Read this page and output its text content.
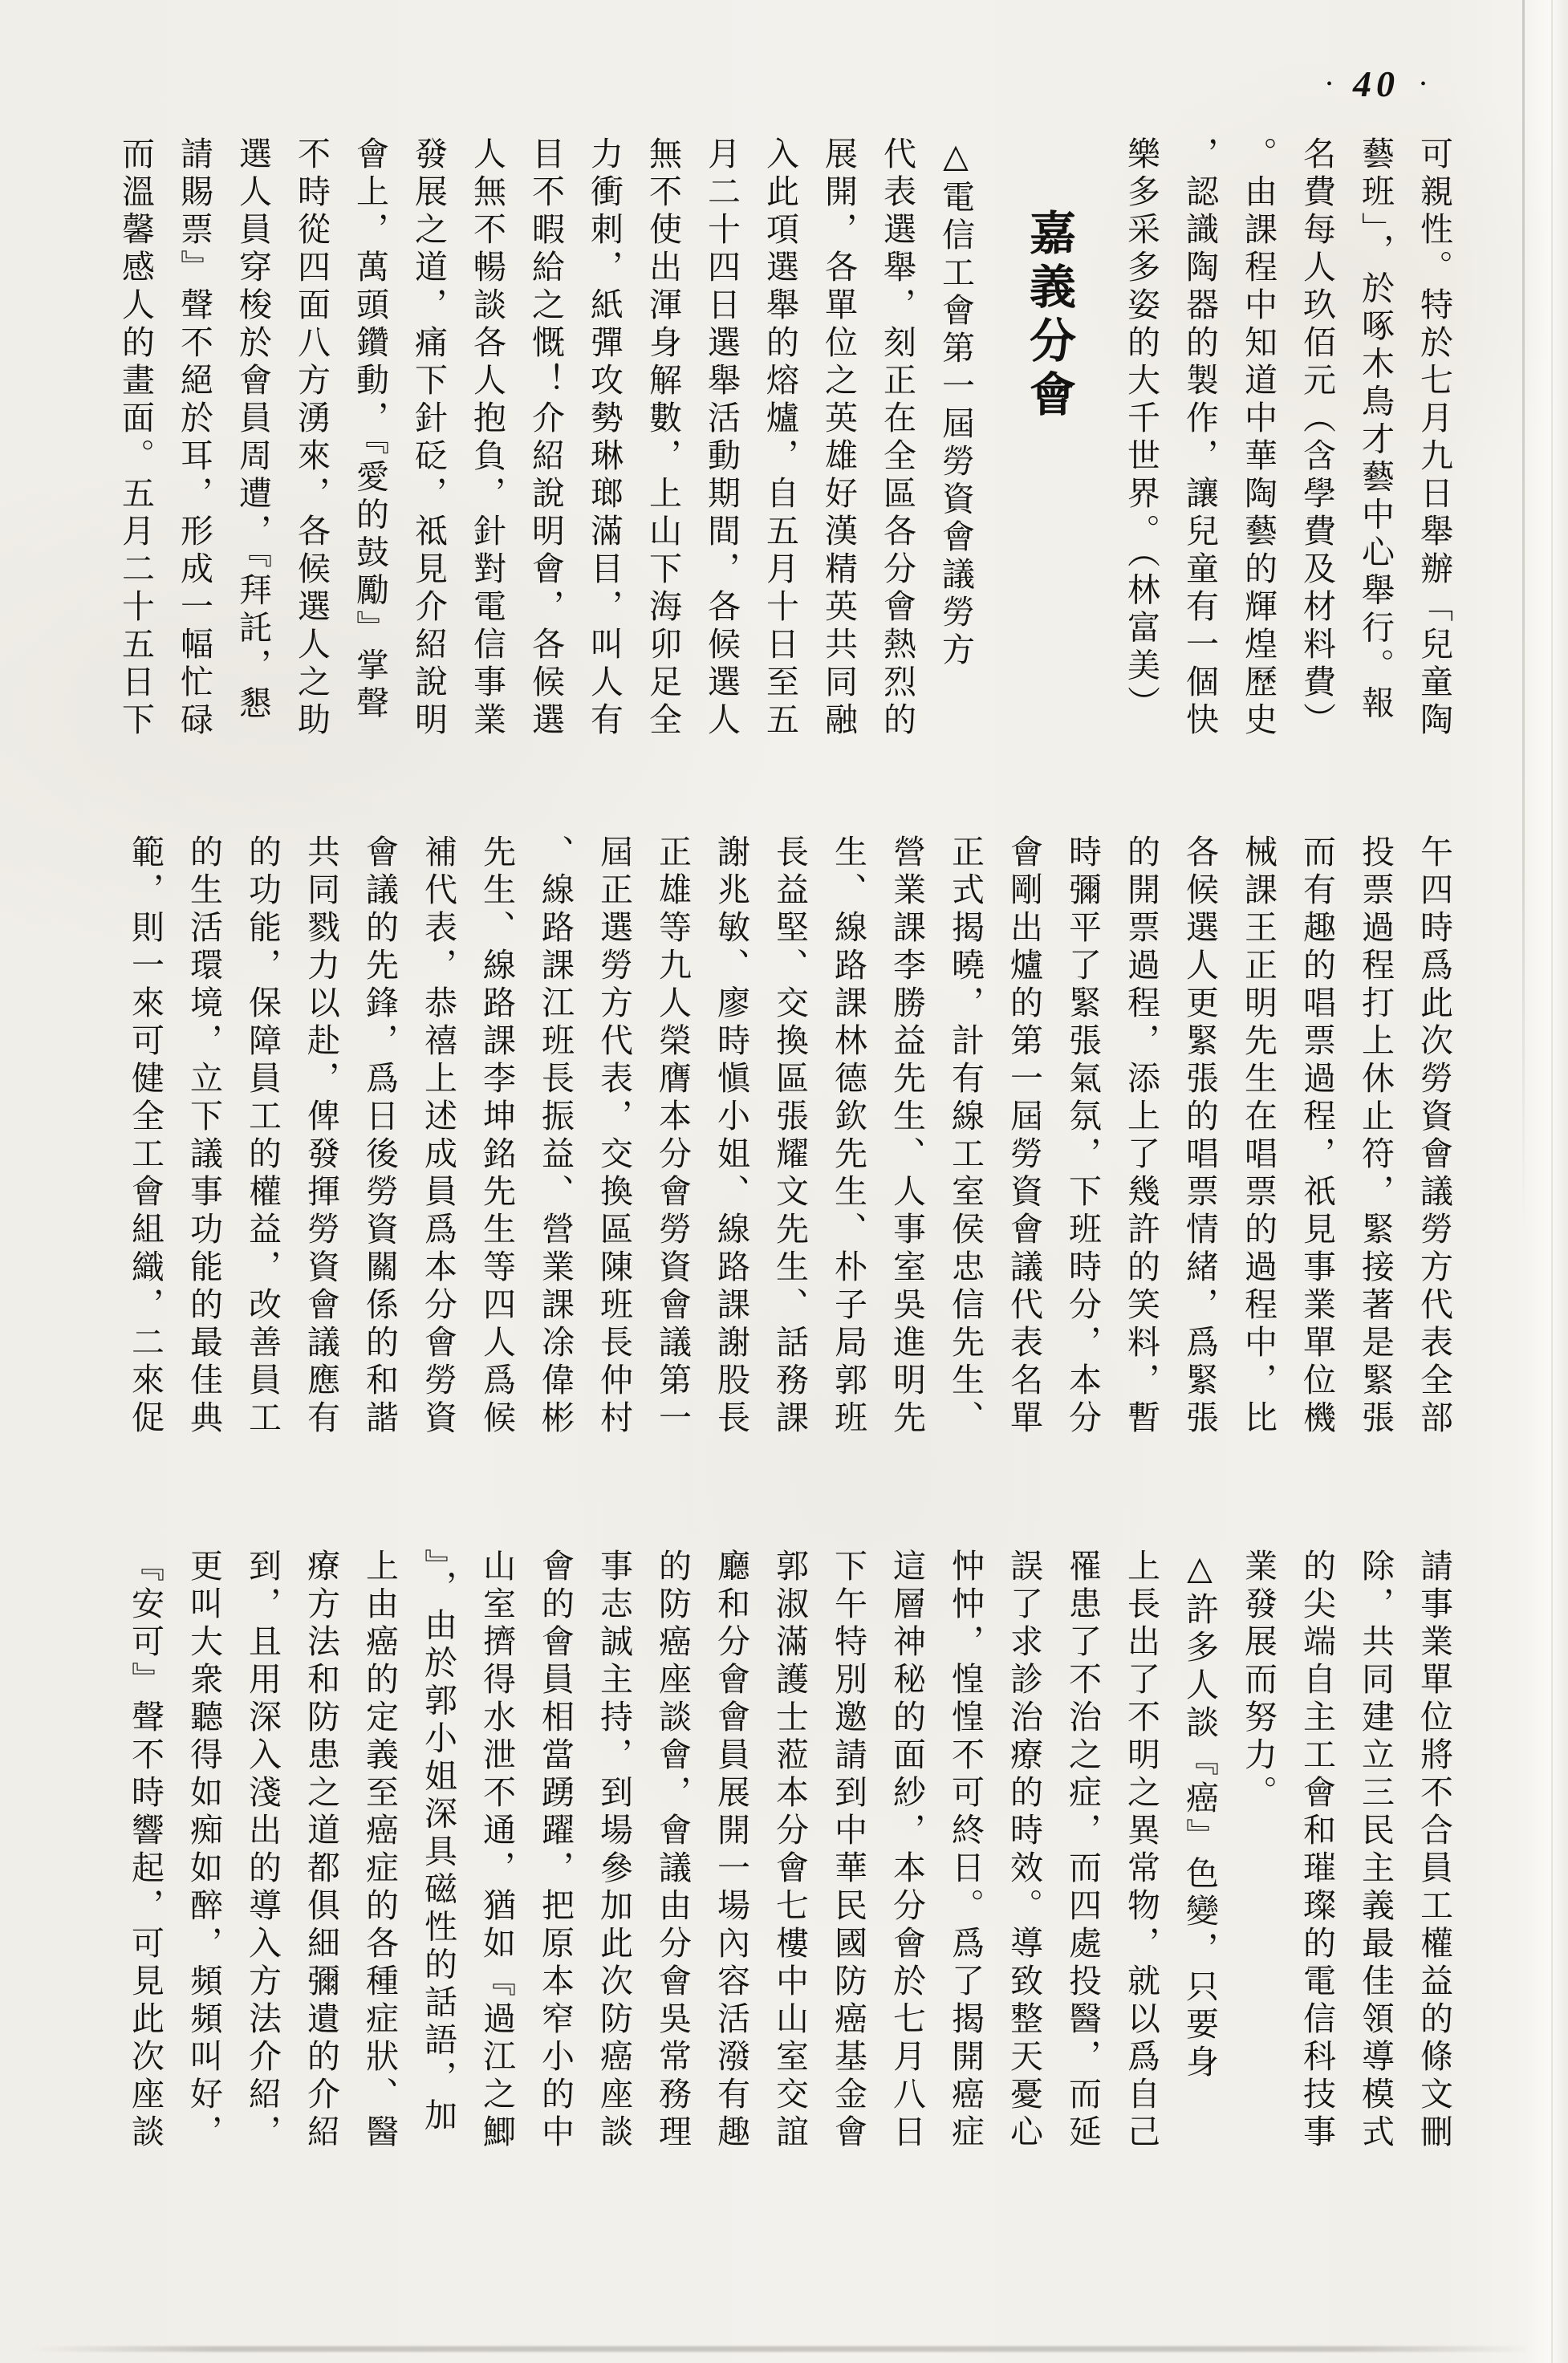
• 40 •
可親性。特於七月九日舉辦「兒童陶
藝班」，於啄木鳥才藝中心舉行。報
名費每人玖佰元（含學費及材料費）
。由課程中知道中華陶藝的輝煌歷史
，認識陶器的製作，讓兒童有一個快
樂多采多姿的大千世界。（林富美）
嘉義分會
△電信工會第一屆勞資會議勞方
代表選舉，刻正在全區各分會熱烈的
展開，各單位之英雄好漢精英共同融
入此項選舉的熔爐，自五月十日至五
月二十四日選舉活動期間，各候選人
無不使出渾身解數，上山下海卯足全
力衝刺，紙彈攻勢琳瑯滿目，叫人有
目不暇給之慨！介紹說明會，各候選
人無不暢談各人抱負，針對電信事業
發展之道，痛下針砭，祗見介紹說明
會上，萬頭鑽動，『愛的鼓勵』掌聲
不時從四面八方湧來，各候選人之助
選人員穿梭於會員周遭，『拜託，懇
請賜票』聲不絕於耳，形成一幅忙碌
而溫馨感人的畫面。五月二十五日下
午四時爲此次勞資會議勞方代表全部
投票過程打上休止符，緊接著是緊張
而有趣的唱票過程，祇見事業單位機
械課王正明先生在唱票的過程中，比
各候選人更緊張的唱票情緒，爲緊張
的開票過程，添上了幾許的笑料，暫
時彌平了緊張氣氛，下班時分，本分
會剛出爐的第一屆勞資會議代表名單
正式揭曉，計有線工室侯忠信先生、
營業課李勝益先生、人事室吳進明先
生、線路課林德欽先生、朴子局郭班
長益堅、交換區張耀文先生、話務課
謝兆敏、廖時愼小姐、線路課謝股長
正雄等九人榮膺本分會勞資會議第一
屆正選勞方代表，交換區陳班長仲村
、線路課江班長振益、營業課凃偉彬
先生、線路課李坤銘先生等四人爲候
補代表，恭禧上述成員爲本分會勞資
會議的先鋒，爲日後勞資關係的和諧
共同戮力以赴，俾發揮勞資會議應有
的功能，保障員工的權益，改善員工
的生活環境，立下議事功能的最佳典
範，則一來可健全工會組織，二來促
請事業單位將不合員工權益的條文刪
除，共同建立三民主義最佳領導模式
的尖端自主工會和璀璨的電信科技事
業發展而努力。
△許多人談『癌』色變，只要身
上長出了不明之異常物，就以爲自己
罹患了不治之症，而四處投醫，而延
誤了求診治療的時效。導致整天憂心
忡忡，惶惶不可終日。爲了揭開癌症
這層神秘的面紗，本分會於七月八日
下午特別邀請到中華民國防癌基金會
郭淑滿護士蒞本分會七樓中山室交誼
廳和分會會員展開一場內容活潑有趣
的防癌座談會，會議由分會吳常務理
事志誠主持，到場參加此次防癌座談
會的會員相當踴躍，把原本窄小的中
山室擠得水泄不通，猶如『過江之鯽
』，由於郭小姐深具磁性的話語，加
上由癌的定義至癌症的各種症狀、醫
療方法和防患之道都俱細彌遺的介紹
到，且用深入淺出的導入方法介紹，
更叫大衆聽得如痴如醉，頻頻叫好，
『安可』聲不時響起，可見此次座談
